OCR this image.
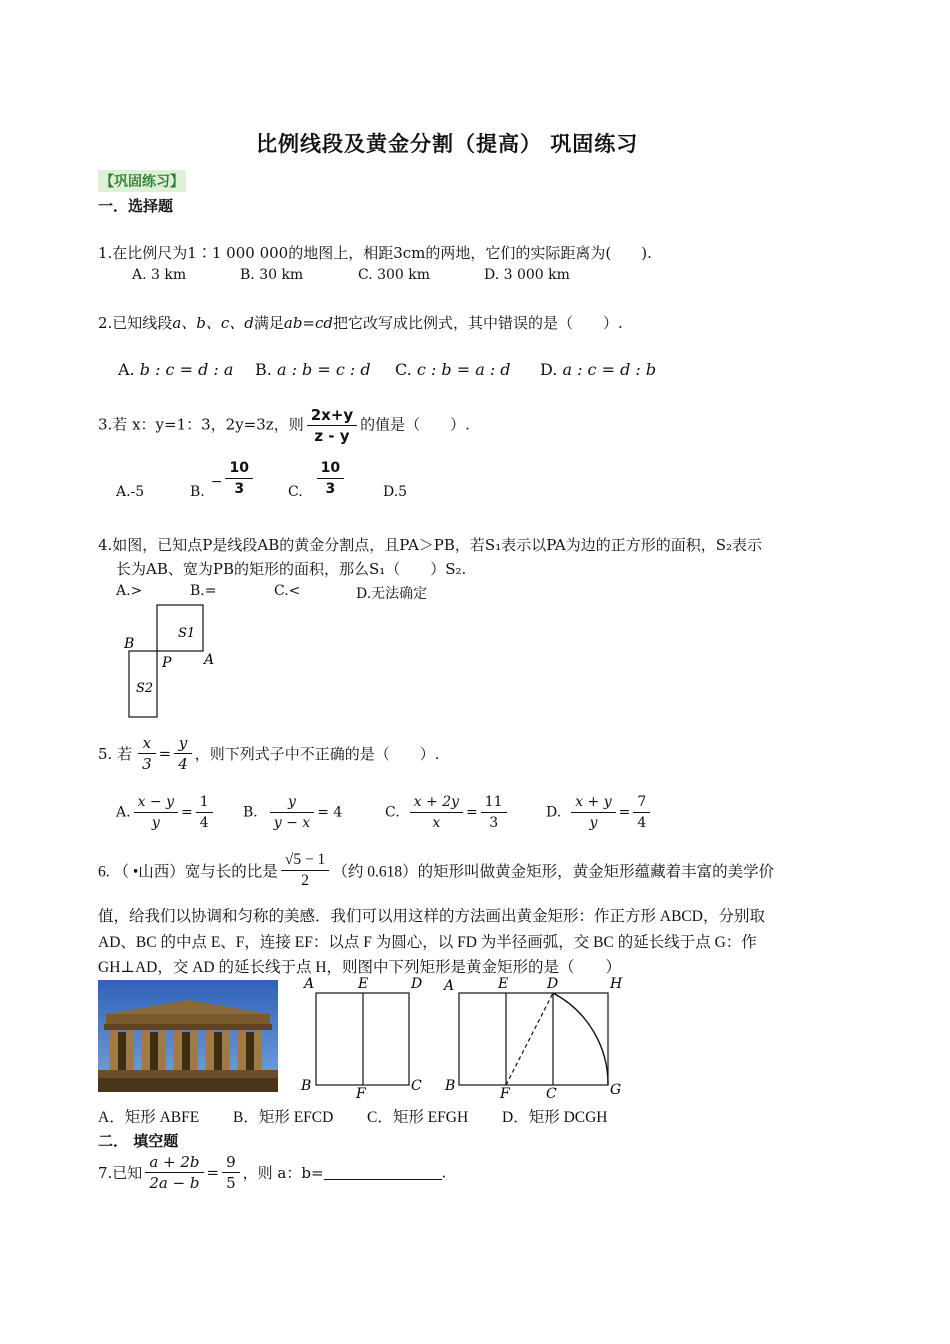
比例线段及黄金分割（提高） 巩固练习
【巩固练习】
一．选择题
1.在比例尺为1∶1 000 000的地图上，相距3cm的两地，它们的实际距离为(　　).
A. 3 km	B. 30 km	C. 300 km	D. 3 000 km
2.已知线段a、b、c、d满足ab=cd把它改写成比例式，其中错误的是（　　）.
A. b : c = d : a B. a : b = c : d C. c : b = a : d D. a : c = d : b
3.若 x：y=1：3，2y=3z，则 $\frac{2x+y}{z - y}$ 的值是（　　）.
A.-5	$B.- \frac{10}{3}$	C. $\frac{10}{3}$	D.5
4.如图，已知点P是线段AB的黄金分割点，且PA＞PB，若S₁表示以PA为边的正方形的面积，S₂表示
长为AB、宽为PB的矩形的面积，那么S₁（　　）S₂.
A.>	B.=	C.<	D.无法确定
B
P A
S1
S2
5. 若 $\frac{x}{3} = \frac{y}{4}$ ，则下列式子中不正确的是（　　）.
A. $\frac{x - y}{y} = \frac{1}{4} B$. $\frac{y}{y - x} = 4$	C. $\frac{x + 2y}{x} = \frac{11}{3}$	D. $\frac{x + y}{y} = \frac{7}{4}$
6. （ •山西）宽与长的比是 $\frac{√5 - 1}{2}$ （约 0.618）的矩形叫做黄金矩形，黄金矩形蕴藏着丰富的美学价
值，给我们以协调和匀称的美感．我们可以用这样的方法画出黄金矩形：作正方形 ABCD，分别取
AD、BC 的中点 E、F，连接 EF：以点 F 为圆心，以 FD 为半径画弧，交 BC 的延长线于点 G：作
GH⊥AD，交 AD 的延长线于点 H，则图中下列矩形是黄金矩形的是（　　）
A	E	D
B	F	C
A	E	D	H
B	F	C	G
A．矩形 ABFE B．矩形 EFCD C．矩形 EFGH D．矩形 DCGH
二． 填空题
7.已知 $\frac{a + 2b}{2a - b} = \frac{9}{5}$ ，则 a：b=	.
